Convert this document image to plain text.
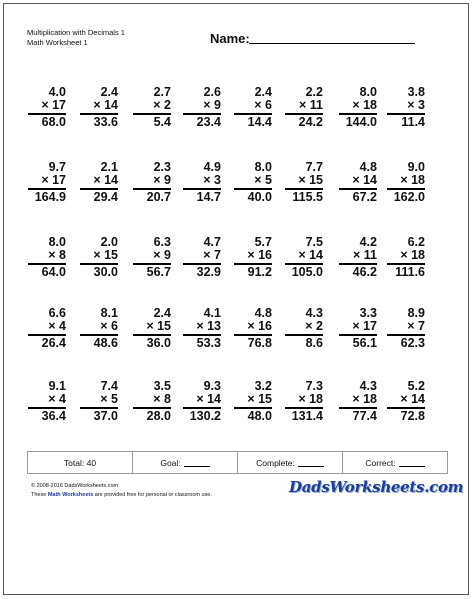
Multiplication with Decimals 1
Math Worksheet 1	Name:
4.0
× 17
68.0
2.4
× 14
33.6
2.7
× 2
5.4
2.6
× 9
23.4
2.4
× 6
14.4
2.2
× 11
24.2
8.0
× 18
144.0
3.8
× 3
11.4
9.7
× 17
164.9
2.1
× 14
29.4
2.3
× 9
20.7
4.9
× 3
14.7
8.0
× 5
40.0
7.7
× 15
115.5
4.8
× 14
67.2
9.0
× 18
162.0
8.0
× 8
64.0
2.0
× 15
30.0
6.3
× 9
56.7
4.7
× 7
32.9
5.7
× 16
91.2
7.5
× 14
105.0
4.2
× 11
46.2
6.2
× 18
111.6
6.6
× 4
26.4
8.1
× 6
48.6
2.4
× 15
36.0
4.1
× 13
53.3
4.8
× 16
76.8
4.3
× 2
8.6
3.3
× 17
56.1
8.9
× 7
62.3
9.1
× 4
36.4
7.4
× 5
37.0
3.5
× 8
28.0
9.3
× 14
130.2
3.2
× 15
48.0
7.3
× 18
131.4
4.3
× 18
77.4
5.2
× 14
72.8
Total: 40	Goal:	Complete:	Correct:
© 2008-2016 DadsWorksheets.com
These Math Worksheets are provided free for personal or classroom use.	DadsWorksheets.com
